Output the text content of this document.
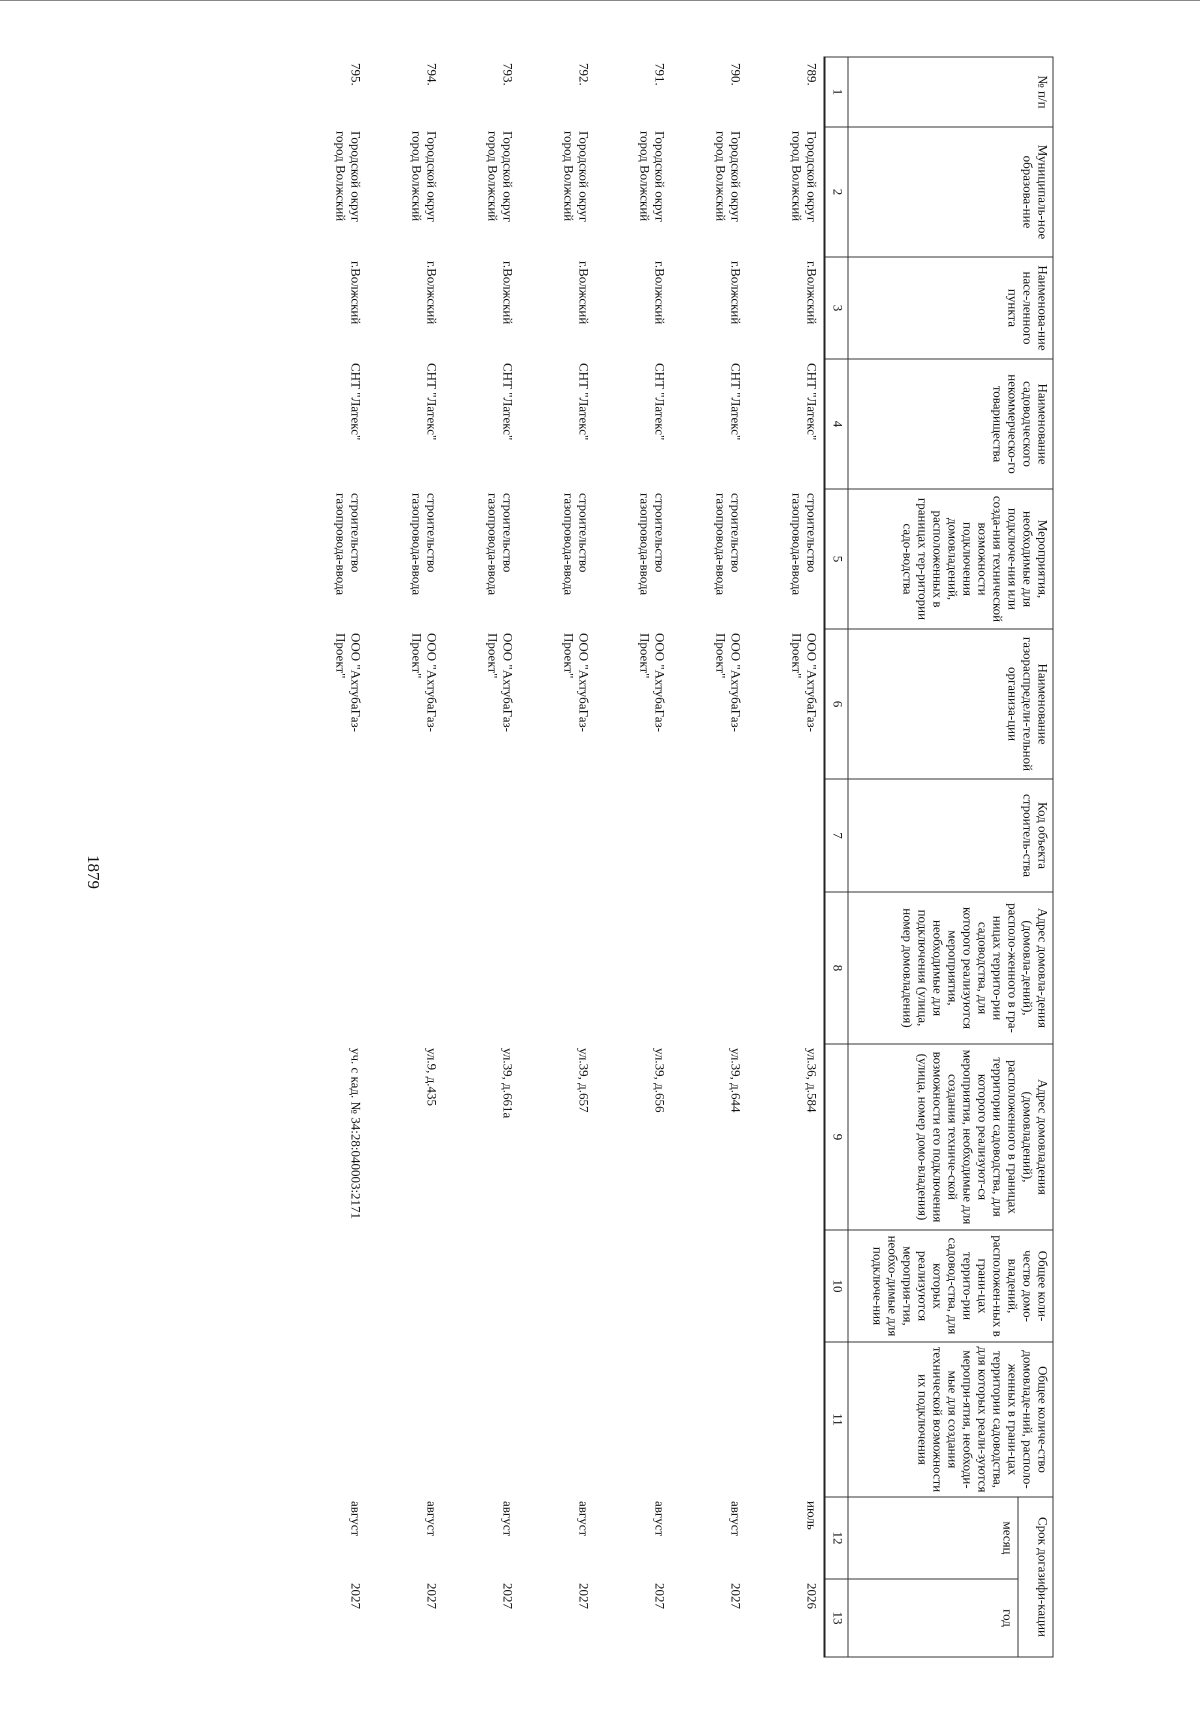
1879
№ п/п	Муниципаль-ное образова-ние	Наименова-ние насе-ленного пункта	Наименование садоводческого некоммерческо-го товарищества	Мероприятия, необходимые для подключе-ния или созда-ния технической возможности подключения домовладений, расположенных в границах тер-ритории садо-водства	Наименование газораспредели-тельной организа-ции	Код объекта строитель-ства	Адрес домовла-дения (домовла-дений), располо-женного в гра-ницах террито-рии садоводства, для которого реализуются мероприятия, необходимые для подключения (улица, номер домовладения)	Адрес домовладения (домовладений), расположенного в границах территории садоводства, для которого реализуют-ся мероприятия, необходимые для создания техниче-ской возможности его подключения (улица, номер домо-владения)	Общее коли-чество домо-владений, расположен-ных в грани-цах террито-рии садовод-ства, для которых реализуются мероприя-тия, необхо-димые для подключе-ния	Общее количе-ство домовладе-ний, располо-женных в грани-цах территории садоводства, для которых реали-зуются меропри-ятия, необходи-мые для создания технической возможности их подключения	Срок догазифи-кации	
											месяц	год
1	2	3	4	5	6	7	8	9	10	11	12	13
789.	Городской округ город Волжский	г.Волжский	СНТ "Латекс"	строительство газопровода-ввода	ООО "АхтубаГаз-Проект"			ул.36, д.584			июль	2026
790.	Городской округ город Волжский	г.Волжский	СНТ "Латекс"	строительство газопровода-ввода	ООО "АхтубаГаз-Проект"			ул.39, д.644			август	2027
791.	Городской округ город Волжский	г.Волжский	СНТ "Латекс"	строительство газопровода-ввода	ООО "АхтубаГаз-Проект"			ул.39, д.656			август	2027
792.	Городской округ город Волжский	г.Волжский	СНТ "Латекс"	строительство газопровода-ввода	ООО "АхтубаГаз-Проект"			ул.39, д.657			август	2027
793.	Городской округ город Волжский	г.Волжский	СНТ "Латекс"	строительство газопровода-ввода	ООО "АхтубаГаз-Проект"			ул.39, д.661а			август	2027
794.	Городской округ город Волжский	г.Волжский	СНТ "Латекс"	строительство газопровода-ввода	ООО "АхтубаГаз-Проект"			ул.9, д.435			август	2027
795.	Городской округ город Волжский	г.Волжский	СНТ "Латекс"	строительство газопровода-ввода	ООО "АхтубаГаз-Проект"			уч. с кад. № 34:28:040003:2171			август	2027
